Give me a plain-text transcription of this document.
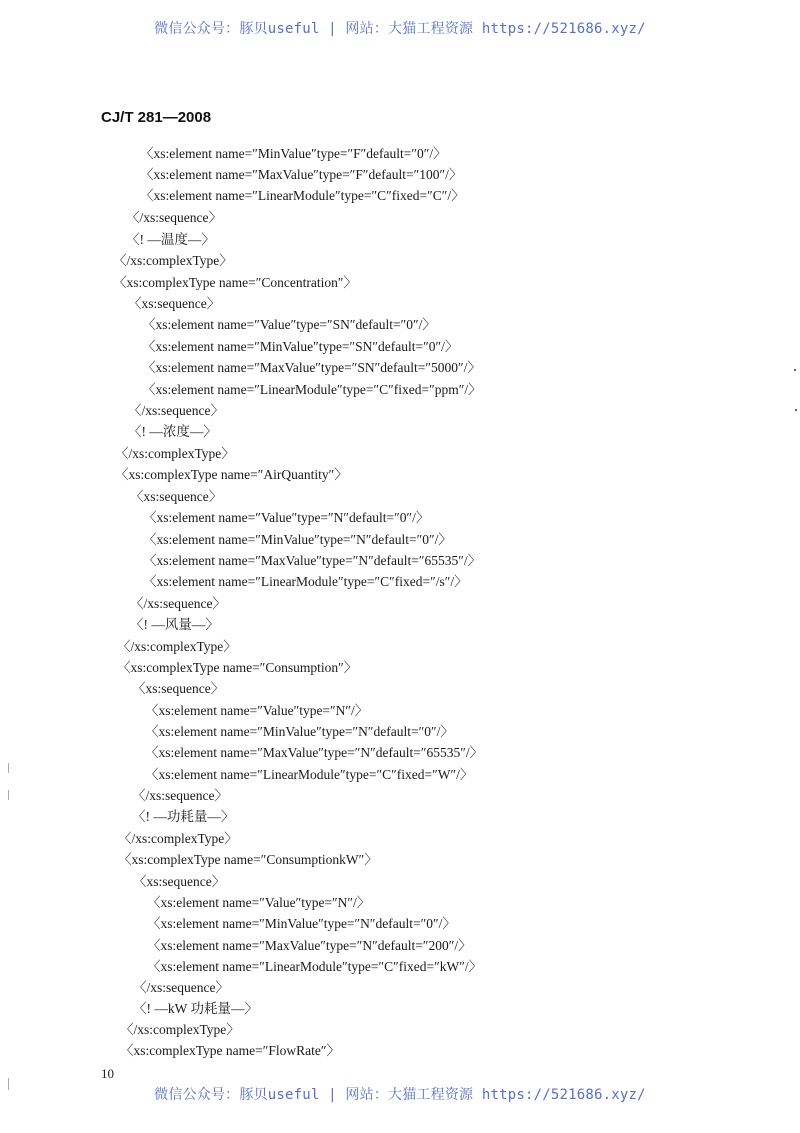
微信公众号：豚贝useful | 网站：大猫工程资源 https://521686.xyz/
CJ/T 281—2008
〈xs:element name=″MinValue″type=″F″default=″0″/〉
〈xs:element name=″MaxValue″type=″F″default=″100″/〉
〈xs:element name=″LinearModule″type=″C″fixed=″C″/〉
〈/xs:sequence〉
〈! —温度—〉
〈/xs:complexType〉
〈xs:complexType name=″Concentration″〉
〈xs:sequence〉
〈xs:element name=″Value″type=″SN″default=″0″/〉
〈xs:element name=″MinValue″type=″SN″default=″0″/〉
〈xs:element name=″MaxValue″type=″SN″default=″5000″/〉
〈xs:element name=″LinearModule″type=″C″fixed=″ppm″/〉
〈/xs:sequence〉
〈! —浓度—〉
〈/xs:complexType〉
〈xs:complexType name=″AirQuantity″〉
〈xs:sequence〉
〈xs:element name=″Value″type=″N″default=″0″/〉
〈xs:element name=″MinValue″type=″N″default=″0″/〉
〈xs:element name=″MaxValue″type=″N″default=″65535″/〉
〈xs:element name=″LinearModule″type=″C″fixed=″/s″/〉
〈/xs:sequence〉
〈! —风量—〉
〈/xs:complexType〉
〈xs:complexType name=″Consumption″〉
〈xs:sequence〉
〈xs:element name=″Value″type=″N″/〉
〈xs:element name=″MinValue″type=″N″default=″0″/〉
〈xs:element name=″MaxValue″type=″N″default=″65535″/〉
〈xs:element name=″LinearModule″type=″C″fixed=″W″/〉
〈/xs:sequence〉
〈! —功耗量—〉
〈/xs:complexType〉
〈xs:complexType name=″ConsumptionkW″〉
〈xs:sequence〉
〈xs:element name=″Value″type=″N″/〉
〈xs:element name=″MinValue″type=″N″default=″0″/〉
〈xs:element name=″MaxValue″type=″N″default=″200″/〉
〈xs:element name=″LinearModule″type=″C″fixed=″kW″/〉
〈/xs:sequence〉
〈! —kW 功耗量—〉
〈/xs:complexType〉
〈xs:complexType name=″FlowRate″〉
10
微信公众号：豚贝useful | 网站：大猫工程资源 https://521686.xyz/
